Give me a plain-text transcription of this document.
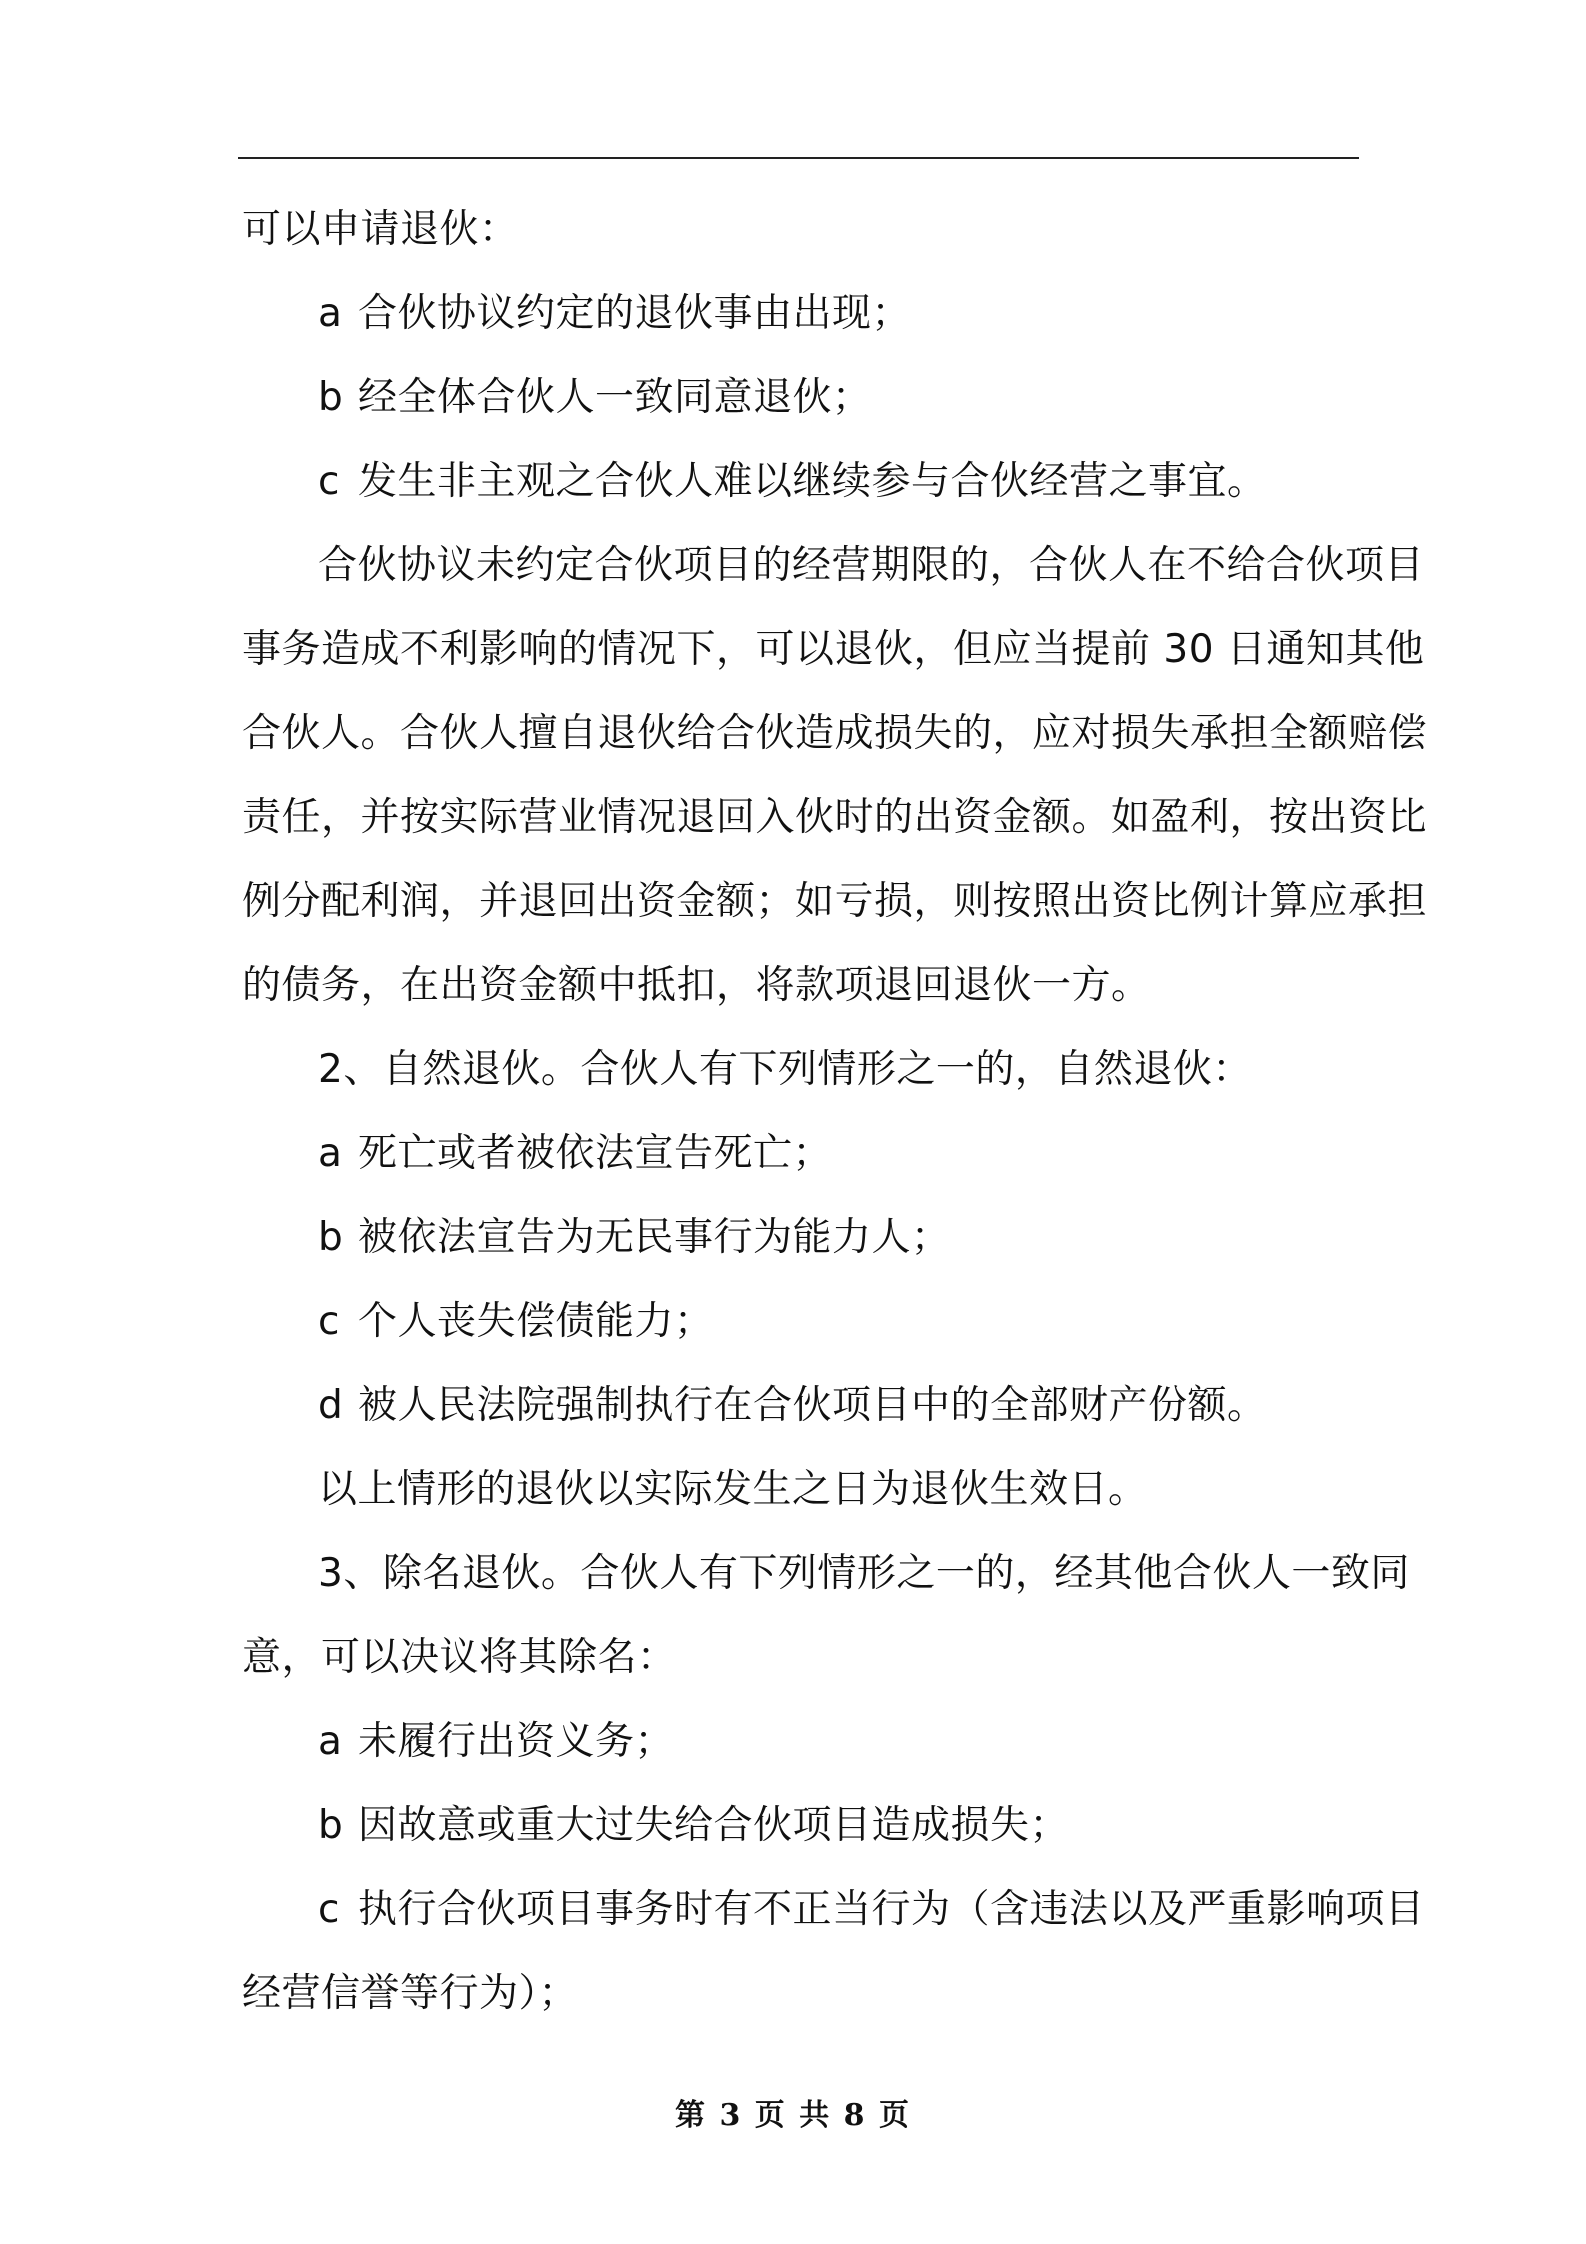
可以申请退伙：
a 合伙协议约定的退伙事由出现；
b 经全体合伙人一致同意退伙；
c 发生非主观之合伙人难以继续参与合伙经营之事宜。
合伙协议未约定合伙项目的经营期限的，合伙人在不给合伙项目
事务造成不利影响的情况下，可以退伙，但应当提前 30 日通知其他
合伙人。合伙人擅自退伙给合伙造成损失的，应对损失承担全额赔偿
责任，并按实际营业情况退回入伙时的出资金额。如盈利，按出资比
例分配利润，并退回出资金额；如亏损，则按照出资比例计算应承担
的债务，在出资金额中抵扣，将款项退回退伙一方。
2、自然退伙。合伙人有下列情形之一的，自然退伙：
a 死亡或者被依法宣告死亡；
b 被依法宣告为无民事行为能力人；
c 个人丧失偿债能力；
d 被人民法院强制执行在合伙项目中的全部财产份额。
以上情形的退伙以实际发生之日为退伙生效日。
3、除名退伙。合伙人有下列情形之一的，经其他合伙人一致同
意，可以决议将其除名：
a 未履行出资义务；
b 因故意或重大过失给合伙项目造成损失；
c 执行合伙项目事务时有不正当行为（含违法以及严重影响项目
经营信誉等行为）；
第 3 页 共 8 页
